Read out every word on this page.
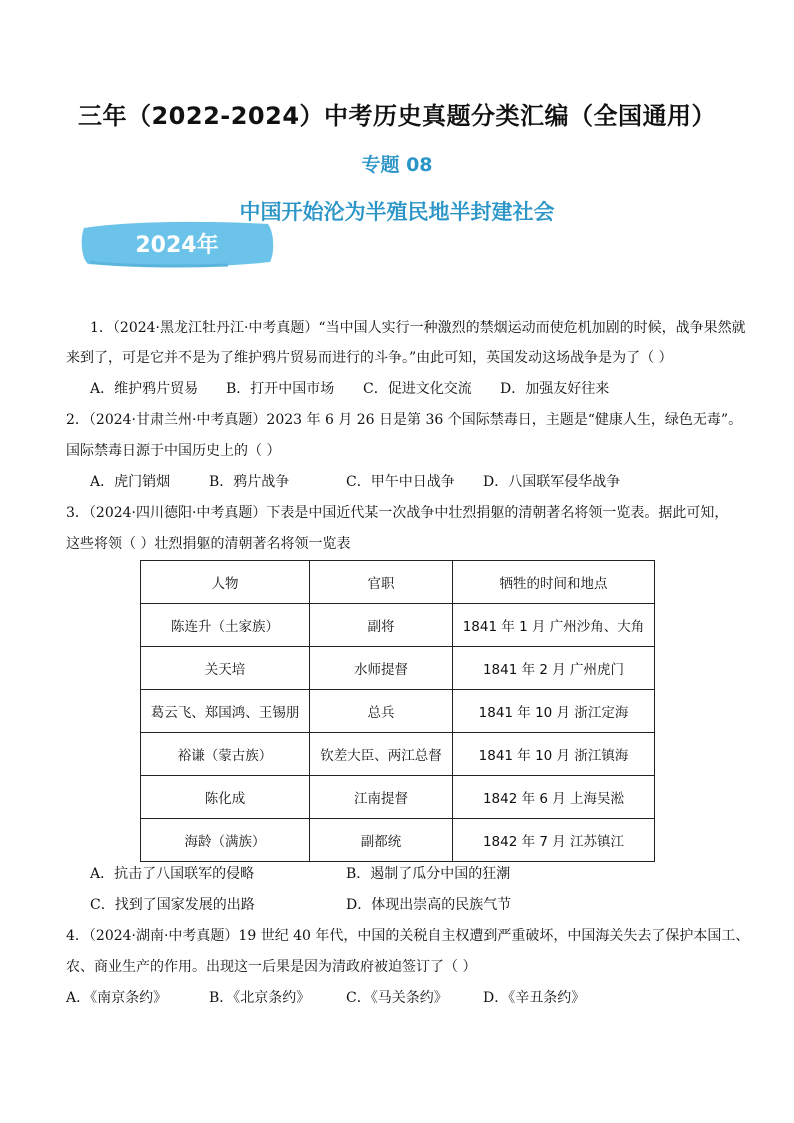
三年（2022-2024）中考历史真题分类汇编（全国通用）
专题 08
中国开始沦为半殖民地半封建社会
2024年
1．（2024·黑龙江牡丹江·中考真题）“当中国人实行一种激烈的禁烟运动而使危机加剧的时候，战争果然就
来到了，可是它并不是为了维护鸦片贸易而进行的斗争。”由此可知，英国发动这场战争是为了（ ）
A．维护鸦片贸易 B．打开中国市场 C．促进文化交流 D．加强友好往来
2．（2024·甘肃兰州·中考真题）2023 年 6 月 26 日是第 36 个国际禁毒日，主题是“健康人生，绿色无毒”。
国际禁毒日源于中国历史上的（ ）
A．虎门销烟	B．鸦片战争	C．甲午中日战争 D．八国联军侵华战争
3．（2024·四川德阳·中考真题）下表是中国近代某一次战争中壮烈捐躯的清朝著名将领一览表。据此可知，
这些将领（ ）壮烈捐躯的清朝著名将领一览表
人物	官职	牺牲的时间和地点
陈连升（土家族）	副将	1841 年 1 月 广州沙角、大角
关天培	水师提督	1841 年 2 月 广州虎门
葛云飞、郑国鸿、王锡朋	总兵	1841 年 10 月 浙江定海
裕谦（蒙古族）	钦差大臣、两江总督	1841 年 10 月 浙江镇海
陈化成	江南提督	1842 年 6 月 上海吴淞
海龄（满族）	副都统	1842 年 7 月 江苏镇江
A．抗击了八国联军的侵略	B．遏制了瓜分中国的狂潮
C．找到了国家发展的出路	D．体现出崇高的民族气节
4．（2024·湖南·中考真题）19 世纪 40 年代，中国的关税自主权遭到严重破坏，中国海关失去了保护本国工、
农、商业生产的作用。出现这一后果是因为清政府被迫签订了（ ）
A．《南京条约》	B．《北京条约》	C．《马关条约》	D．《辛丑条约》
